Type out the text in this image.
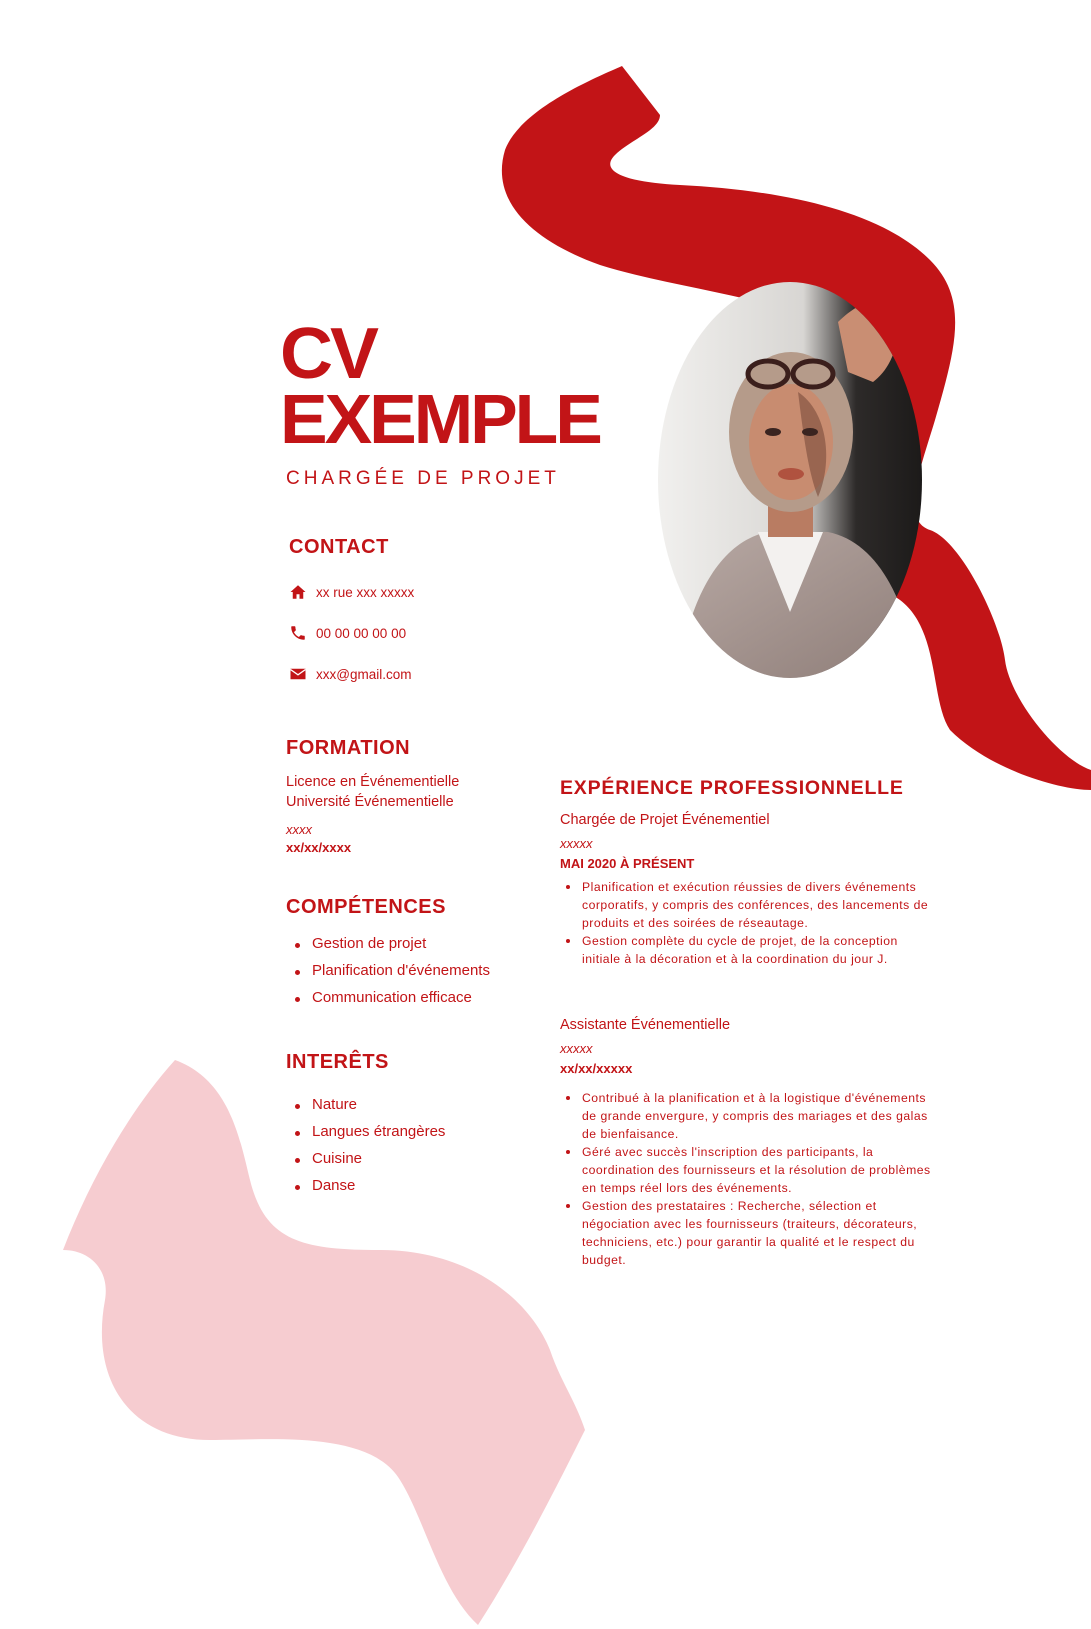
CV
EXEMPLE
CHARGÉE DE PROJET
CONTACT
xx rue xxx xxxxx
00 00 00 00 00
xxx@gmail.com
FORMATION
Licence en Événementielle
Université Événementielle
xxxx
xx/xx/xxxx
COMPÉTENCES
Gestion de projet
Planification d'événements
Communication efficace
INTERÊTS
Nature
Langues étrangères
Cuisine
Danse
EXPÉRIENCE PROFESSIONNELLE
Chargée de Projet Événementiel
xxxxx
MAI 2020 À PRÉSENT
Planification et exécution réussies de divers événements corporatifs, y compris des conférences, des lancements de produits et des soirées de réseautage.
Gestion complète du cycle de projet, de la conception initiale à la décoration et à la coordination du jour J.
Assistante Événementielle
xxxxx
xx/xx/xxxxx
Contribué à la planification et à la logistique d'événements de grande envergure, y compris des mariages et des galas de bienfaisance.
Géré avec succès l'inscription des participants, la coordination des fournisseurs et la résolution de problèmes en temps réel lors des événements.
Gestion des prestataires : Recherche, sélection et négociation avec les fournisseurs (traiteurs, décorateurs, techniciens, etc.) pour garantir la qualité et le respect du budget.
